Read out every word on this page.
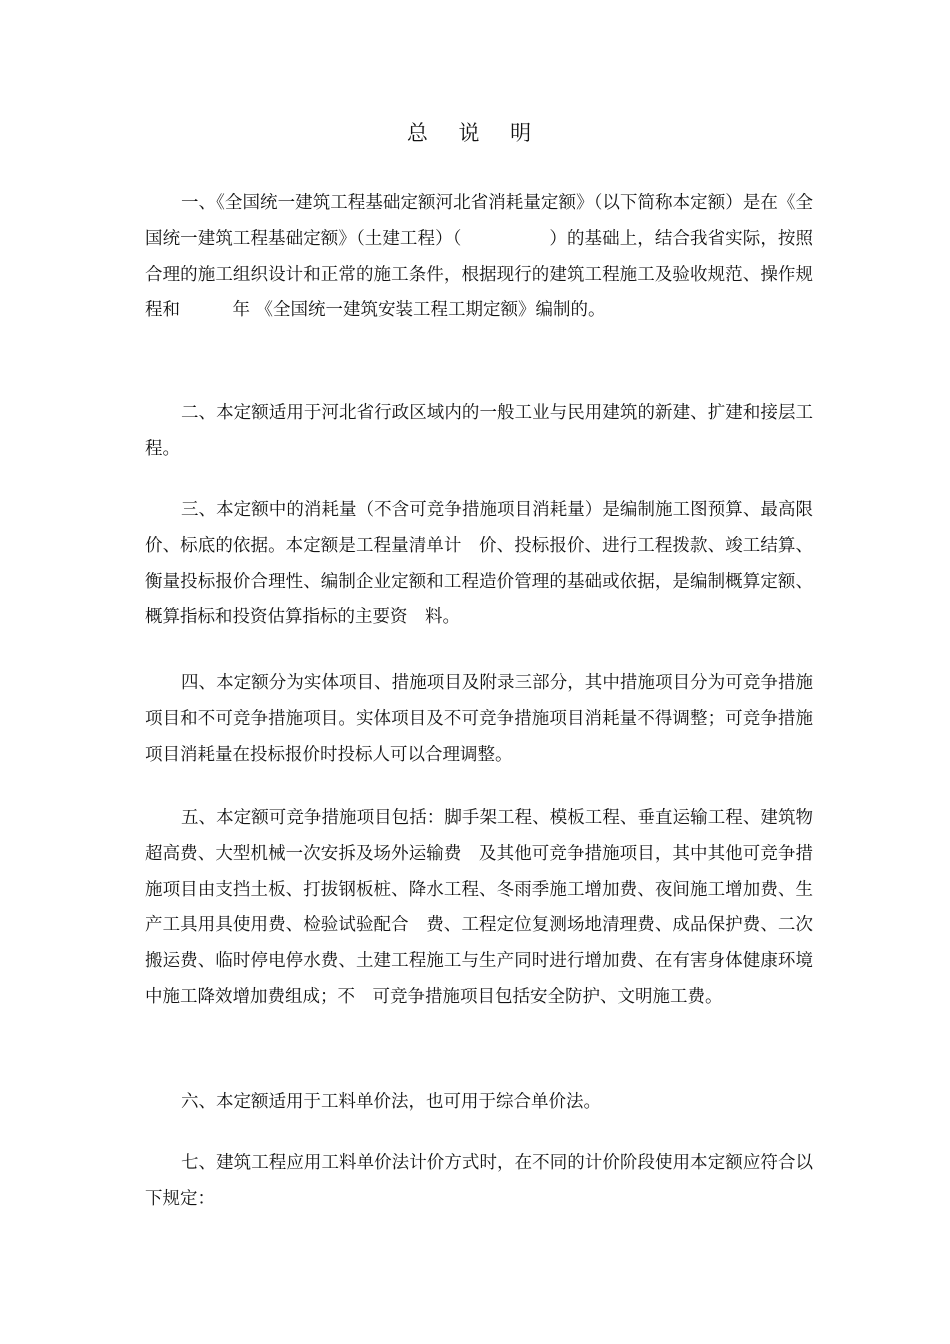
总 说 明

一、《全国统一建筑工程基础定额河北省消耗量定额》（以下简称本定额）是在《全国统一建筑工程基础定额》（土建工程）（　　　　　）的基础上，结合我省实际，按照合理的施工组织设计和正常的施工条件，根据现行的建筑工程施工及验收规范、操作规程和　　　年 《全国统一建筑安装工程工期定额》编制的。

二、本定额适用于河北省行政区域内的一般工业与民用建筑的新建、扩建和接层工程。

三、本定额中的消耗量（不含可竞争措施项目消耗量）是编制施工图预算、最高限价、标底的依据。本定额是工程量清单计　价、投标报价、进行工程拨款、竣工结算、衡量投标报价合理性、编制企业定额和工程造价管理的基础或依据，是编制概算定额、概算指标和投资估算指标的主要资　料。

四、本定额分为实体项目、措施项目及附录三部分，其中措施项目分为可竞争措施项目和不可竞争措施项目。实体项目及不可竞争措施项目消耗量不得调整；可竞争措施项目消耗量在投标报价时投标人可以合理调整。

五、本定额可竞争措施项目包括：脚手架工程、模板工程、垂直运输工程、建筑物超高费、大型机械一次安拆及场外运输费　及其他可竞争措施项目，其中其他可竞争措施项目由支挡土板、打拔钢板桩、降水工程、冬雨季施工增加费、夜间施工增加费、生产工具用具使用费、检验试验配合　费、工程定位复测场地清理费、成品保护费、二次搬运费、临时停电停水费、土建工程施工与生产同时进行增加费、在有害身体健康环境中施工降效增加费组成；不　可竞争措施项目包括安全防护、文明施工费。

六、本定额适用于工料单价法，也可用于综合单价法。

七、建筑工程应用工料单价法计价方式时，在不同的计价阶段使用本定额应符合以下规定：
